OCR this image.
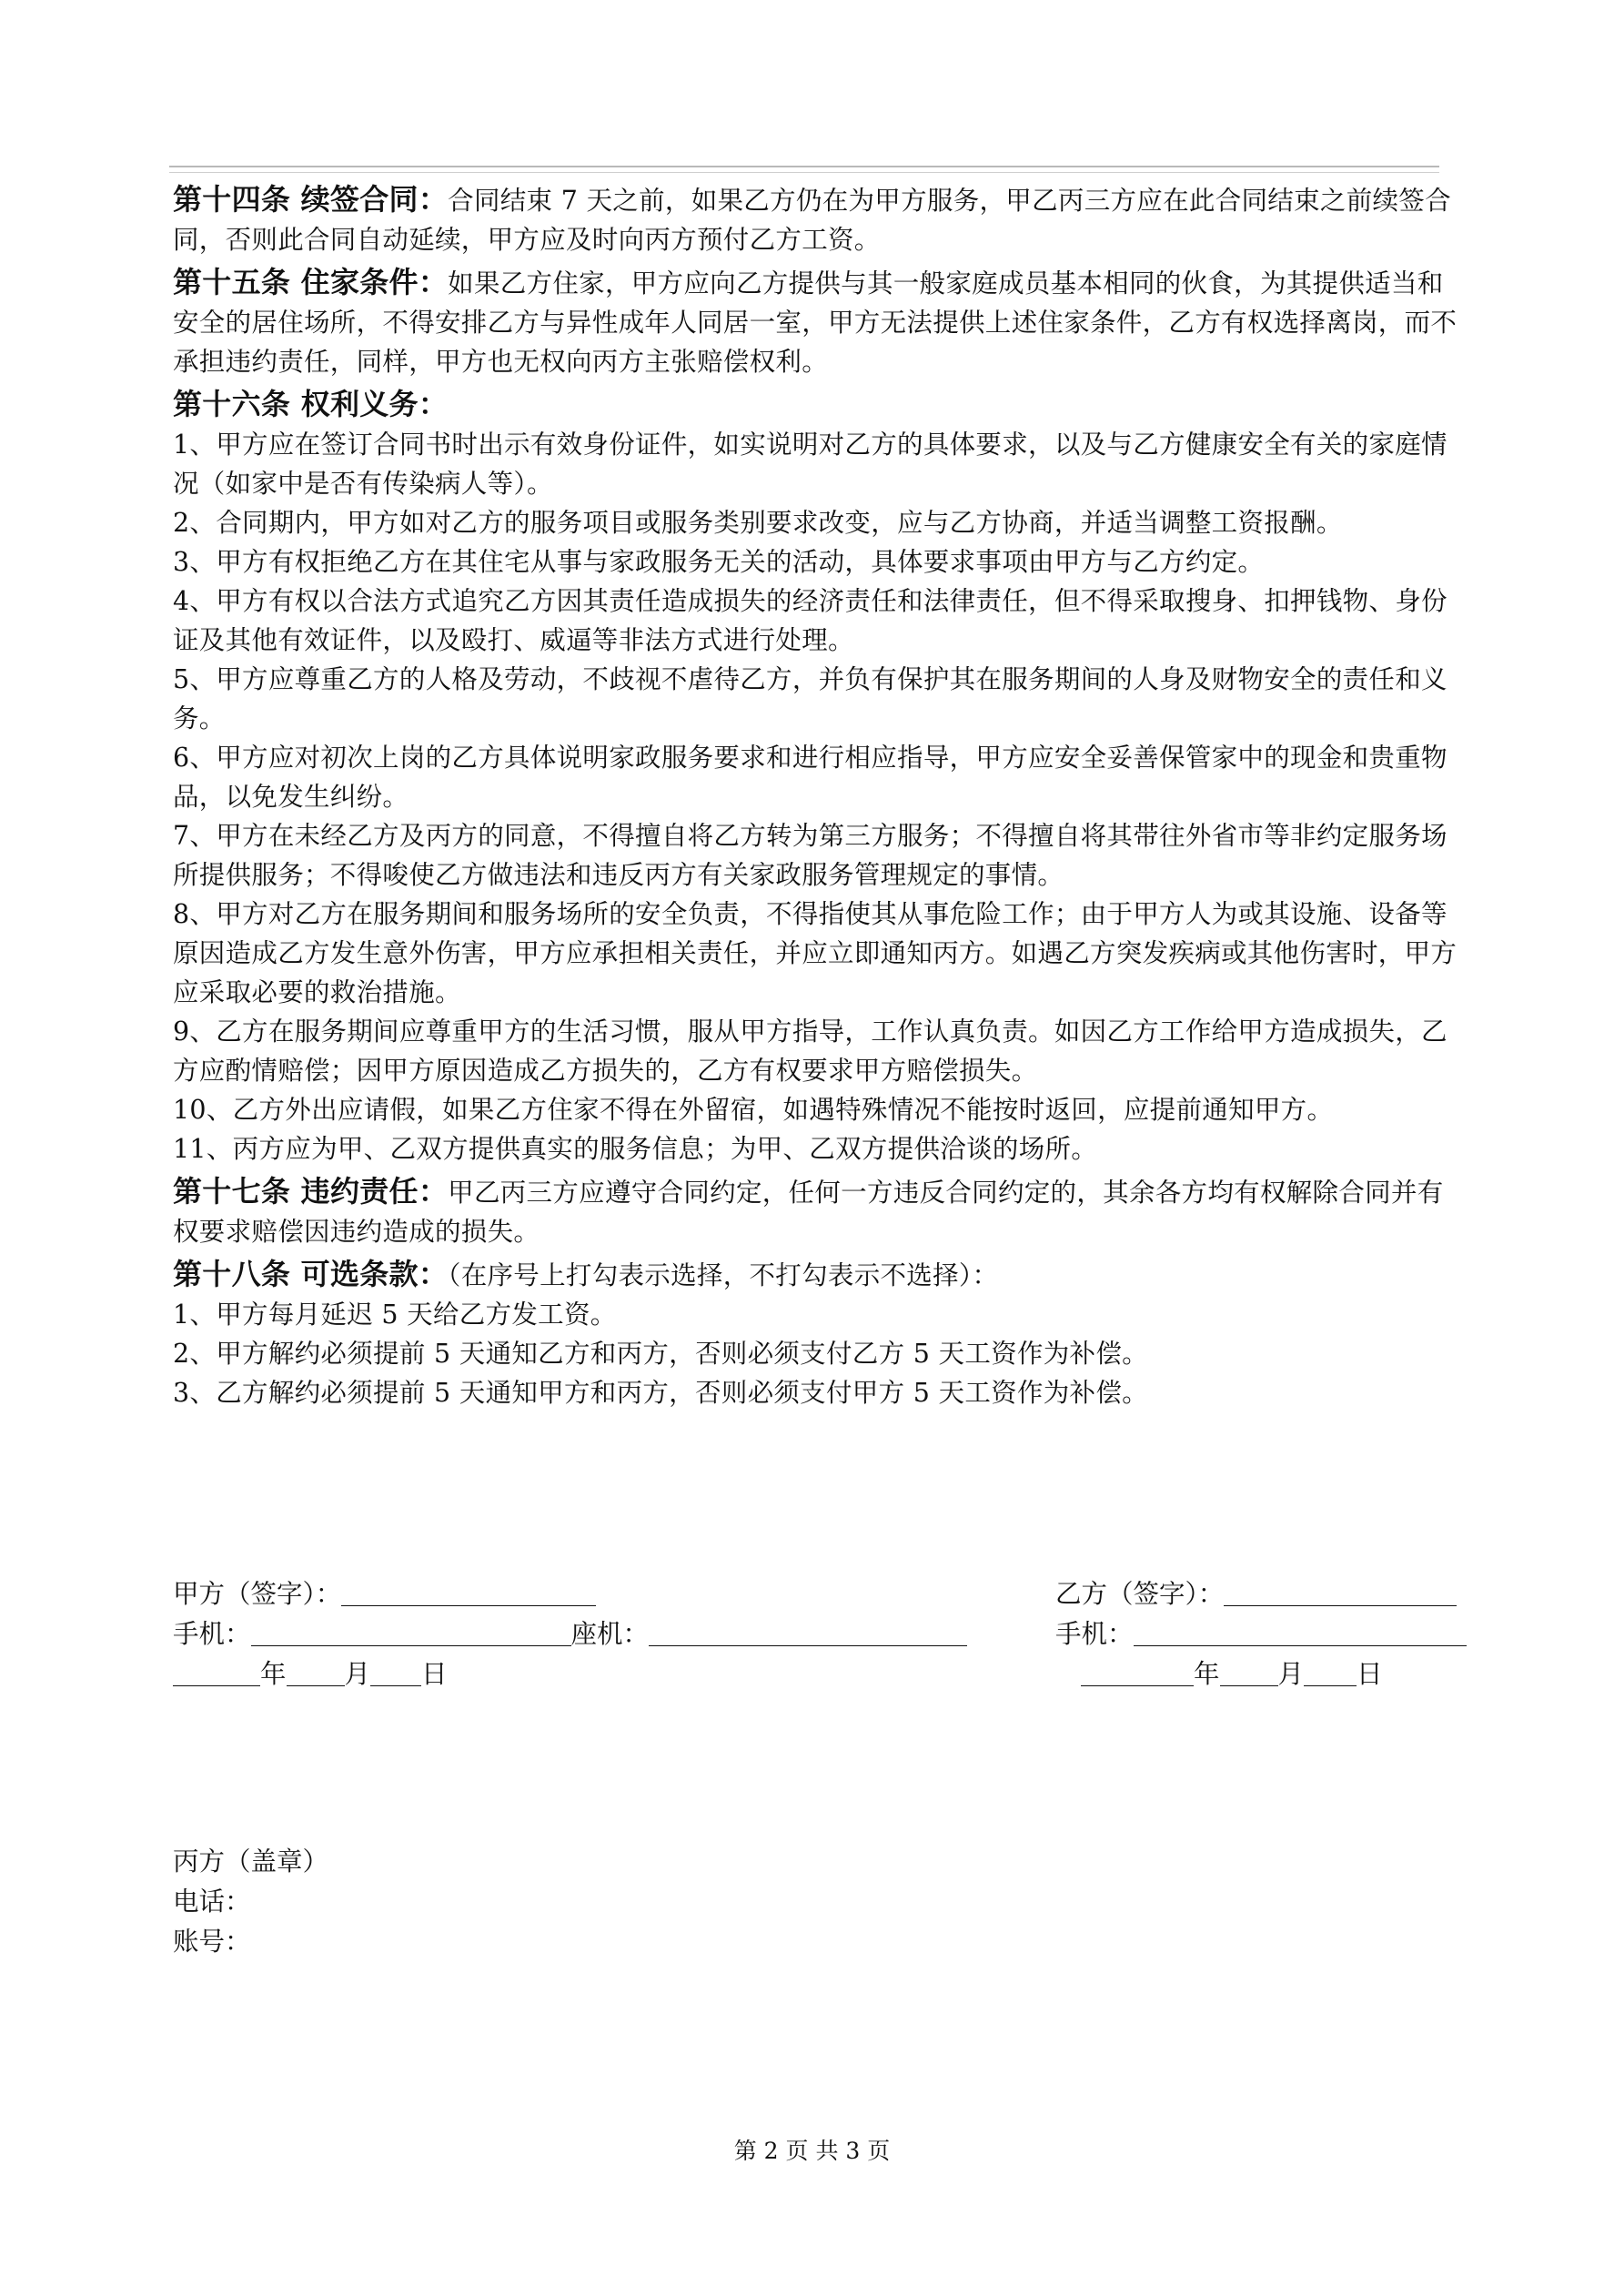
第十四条 续签合同：合同结束 7 天之前，如果乙方仍在为甲方服务，甲乙丙三方应在此合同结束之前续签合同，否则此合同自动延续，甲方应及时向丙方预付乙方工资。

第十五条 住家条件：如果乙方住家，甲方应向乙方提供与其一般家庭成员基本相同的伙食，为其提供适当和安全的居住场所，不得安排乙方与异性成年人同居一室，甲方无法提供上述住家条件，乙方有权选择离岗，而不承担违约责任，同样，甲方也无权向丙方主张赔偿权利。

第十六条 权利义务：

1、甲方应在签订合同书时出示有效身份证件，如实说明对乙方的具体要求，以及与乙方健康安全有关的家庭情况（如家中是否有传染病人等）。

2、合同期内，甲方如对乙方的服务项目或服务类别要求改变，应与乙方协商，并适当调整工资报酬。

3、甲方有权拒绝乙方在其住宅从事与家政服务无关的活动，具体要求事项由甲方与乙方约定。

4、甲方有权以合法方式追究乙方因其责任造成损失的经济责任和法律责任，但不得采取搜身、扣押钱物、身份证及其他有效证件，以及殴打、威逼等非法方式进行处理。

5、甲方应尊重乙方的人格及劳动，不歧视不虐待乙方，并负有保护其在服务期间的人身及财物安全的责任和义务。

6、甲方应对初次上岗的乙方具体说明家政服务要求和进行相应指导，甲方应安全妥善保管家中的现金和贵重物品，以免发生纠纷。

7、甲方在未经乙方及丙方的同意，不得擅自将乙方转为第三方服务；不得擅自将其带往外省市等非约定服务场所提供服务；不得唆使乙方做违法和违反丙方有关家政服务管理规定的事情。

8、甲方对乙方在服务期间和服务场所的安全负责，不得指使其从事危险工作；由于甲方人为或其设施、设备等原因造成乙方发生意外伤害，甲方应承担相关责任，并应立即通知丙方。如遇乙方突发疾病或其他伤害时，甲方应采取必要的救治措施。

9、乙方在服务期间应尊重甲方的生活习惯，服从甲方指导，工作认真负责。如因乙方工作给甲方造成损失，乙方应酌情赔偿；因甲方原因造成乙方损失的，乙方有权要求甲方赔偿损失。

10、乙方外出应请假，如果乙方住家不得在外留宿，如遇特殊情况不能按时返回，应提前通知甲方。

11、丙方应为甲、乙双方提供真实的服务信息；为甲、乙双方提供洽谈的场所。

第十七条 违约责任：甲乙丙三方应遵守合同约定，任何一方违反合同约定的，其余各方均有权解除合同并有权要求赔偿因违约造成的损失。

第十八条 可选条款：（在序号上打勾表示选择，不打勾表示不选择）：

1、甲方每月延迟 5 天给乙方发工资。

2、甲方解约必须提前 5 天通知乙方和丙方，否则必须支付乙方 5 天工资作为补偿。

3、乙方解约必须提前 5 天通知甲方和丙方，否则必须支付甲方 5 天工资作为补偿。

甲方（签字）：	乙方（签字）：
手机：	座机：	手机：
年 月 日	年 月 日
丙方（盖章）
电话：
账号：
第 2 页 共 3 页
